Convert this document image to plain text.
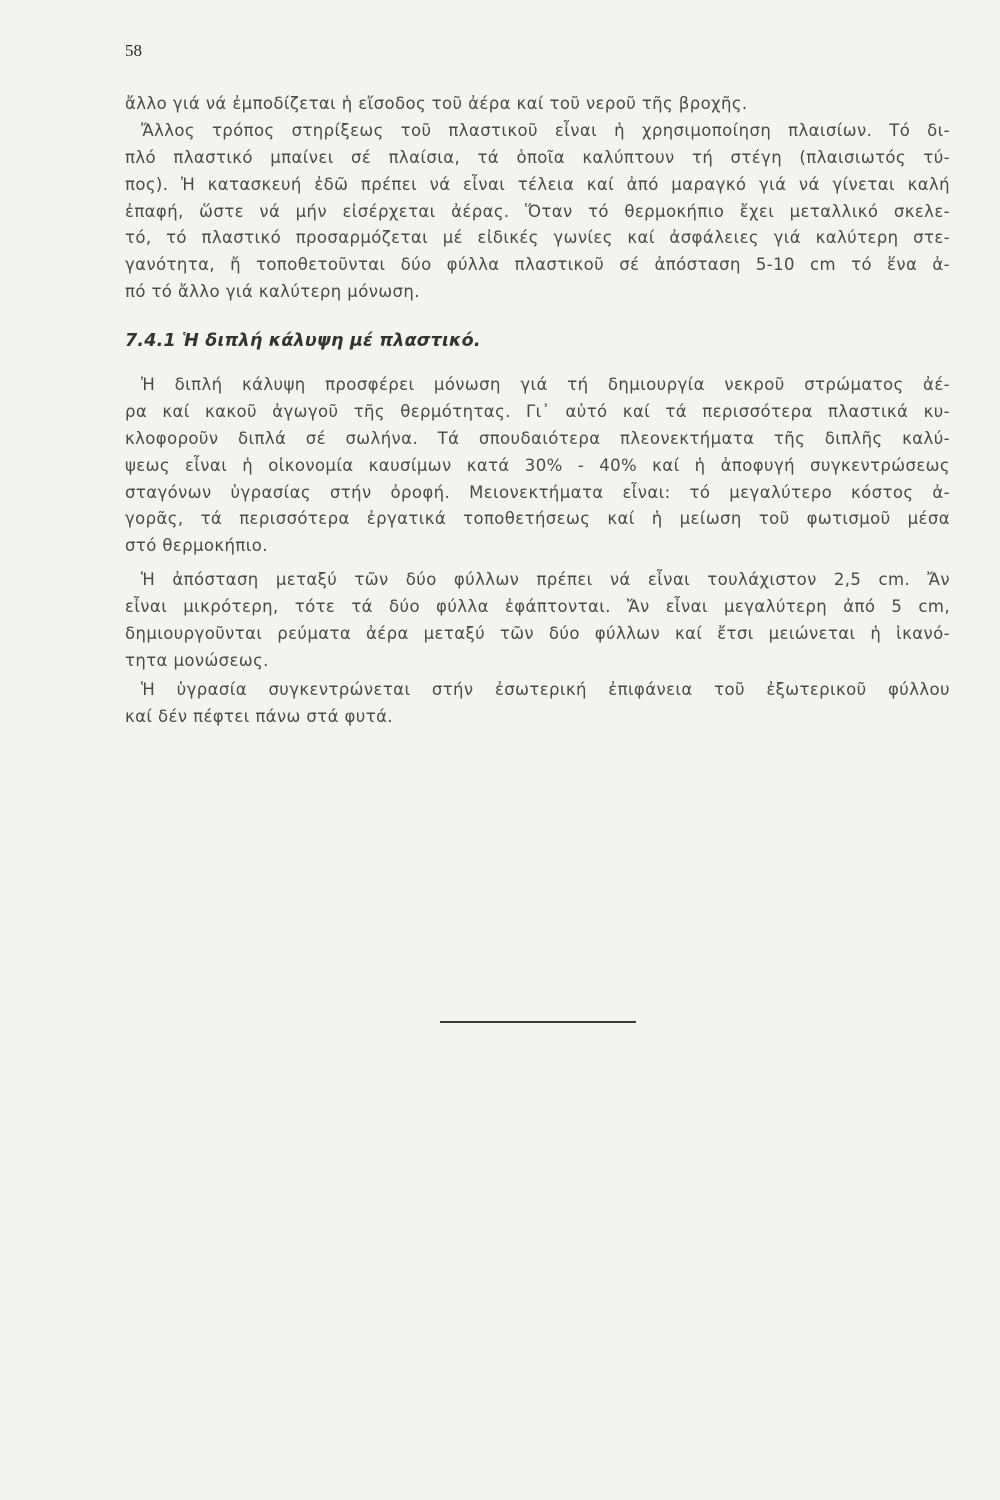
58
ἄλλο γιά νά ἐμποδίζεται ἡ εἴσοδος τοῦ ἀέρα καί τοῦ νεροῦ τῆς βροχῆς.
Ἄλλος τρόπος στηρίξεως τοῦ πλαστικοῦ εἶναι ἡ χρησιμοποίηση πλαισίων. Τό δι-
πλό πλαστικό μπαίνει σέ πλαίσια, τά ὁποῖα καλύπτουν τή στέγη (πλαισιωτός τύ-
πος). Ἡ κατασκευή ἐδῶ πρέπει νά εἶναι τέλεια καί ἀπό μαραγκό γιά νά γίνεται καλή
ἐπαφή, ὥστε νά μήν εἰσέρχεται ἀέρας. Ὅταν τό θερμοκήπιο ἔχει μεταλλικό σκελε-
τό, τό πλαστικό προσαρμόζεται μέ εἰδικές γωνίες καί ἀσφάλειες γιά καλύτερη στε-
γανότητα, ἤ τοποθετοῦνται δύο φύλλα πλαστικοῦ σέ ἀπόσταση 5-10 cm τό ἕνα ἀ-
πό τό ἄλλο γιά καλύτερη μόνωση.
7.4.1 Ἡ διπλή κάλυψη μέ πλαστικό.
Ἡ διπλή κάλυψη προσφέρει μόνωση γιά τή δημιουργία νεκροῦ στρώματος ἀέ-
ρα καί κακοῦ ἀγωγοῦ τῆς θερμότητας. Γι᾽ αὐτό καί τά περισσότερα πλαστικά κυ-
κλοφοροῦν διπλά σέ σωλήνα. Τά σπουδαιότερα πλεονεκτήματα τῆς διπλῆς καλύ-
ψεως εἶναι ἡ οἰκονομία καυσίμων κατά 30% - 40% καί ἡ ἀποφυγή συγκεντρώσεως
σταγόνων ὑγρασίας στήν ὀροφή. Μειονεκτήματα εἶναι: τό μεγαλύτερο κόστος ἀ-
γορᾶς, τά περισσότερα ἐργατικά τοποθετήσεως καί ἡ μείωση τοῦ φωτισμοῦ μέσα
στό θερμοκήπιο.
Ἡ ἀπόσταση μεταξύ τῶν δύο φύλλων πρέπει νά εἶναι τουλάχιστον 2,5 cm. Ἄν
εἶναι μικρότερη, τότε τά δύο φύλλα ἐφάπτονται. Ἄν εἶναι μεγαλύτερη ἀπό 5 cm,
δημιουργοῦνται ρεύματα ἀέρα μεταξύ τῶν δύο φύλλων καί ἔτσι μειώνεται ἡ ἱκανό-
τητα μονώσεως.
Ἡ ὑγρασία συγκεντρώνεται στήν ἐσωτερική ἐπιφάνεια τοῦ ἐξωτερικοῦ φύλλου
καί δέν πέφτει πάνω στά φυτά.
